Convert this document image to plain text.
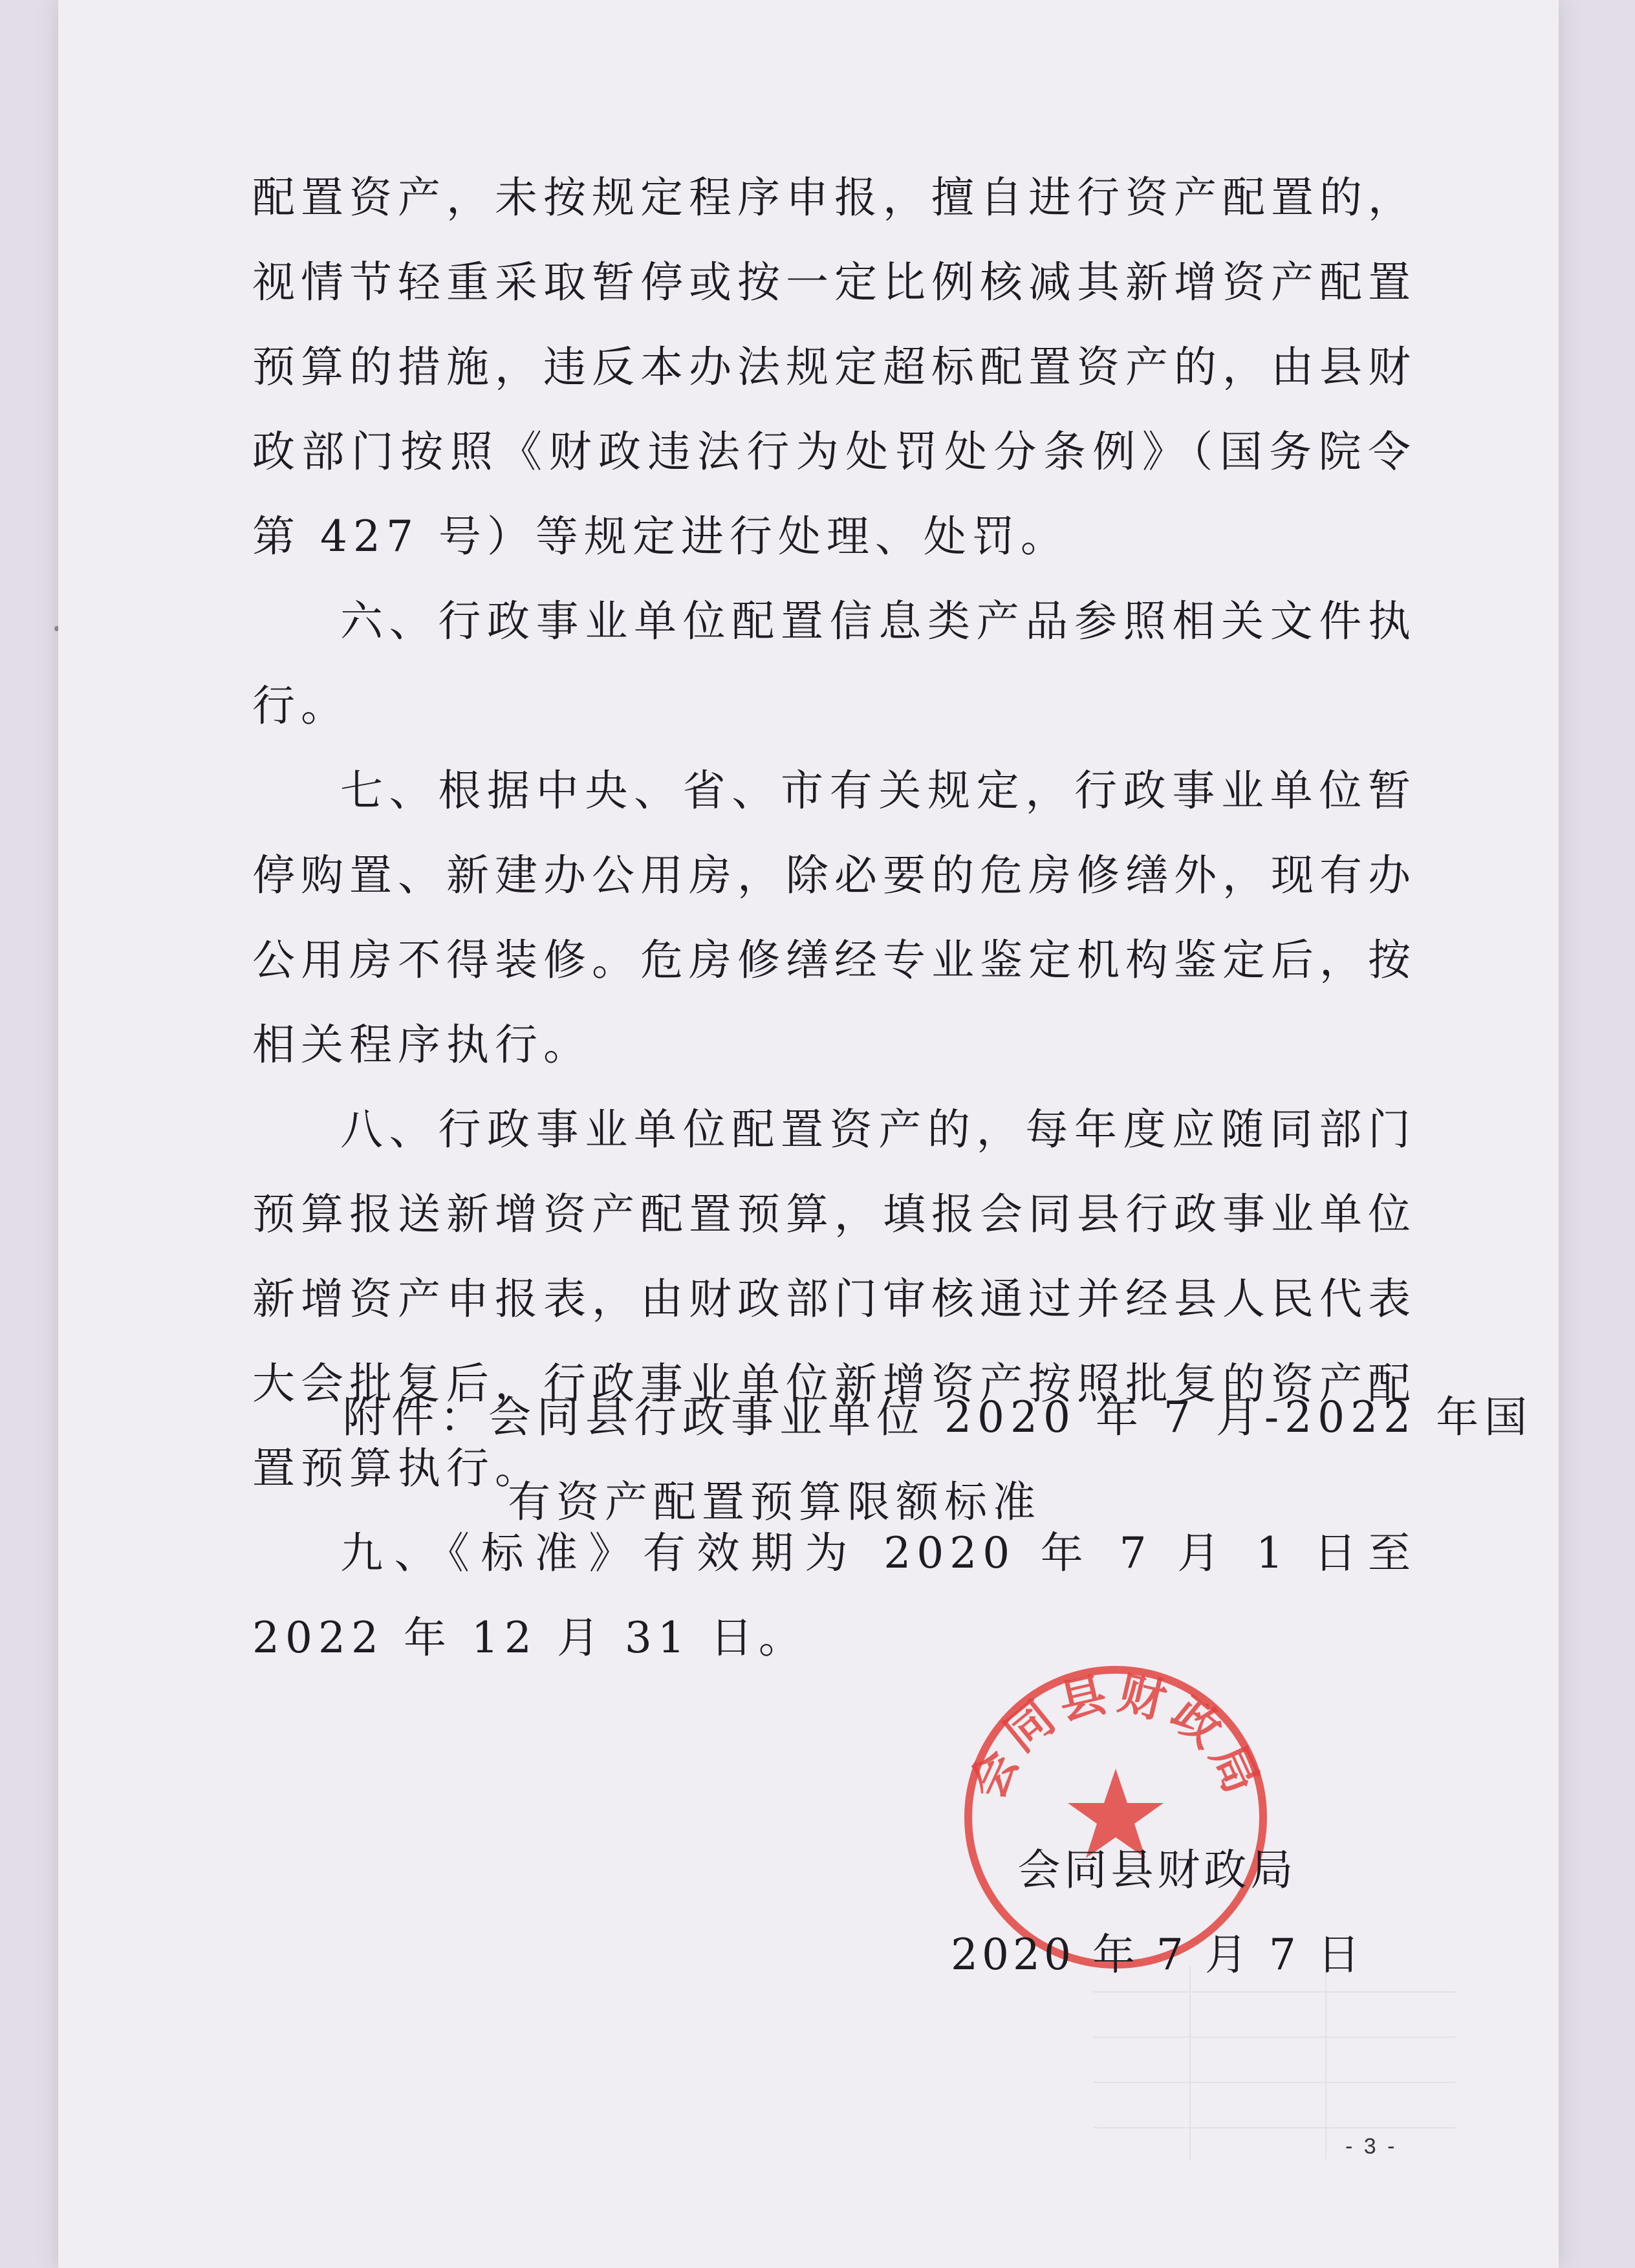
配置资产，未按规定程序申报，擅自进行资产配置的，视情节轻重采取暂停或按一定比例核减其新增资产配置预算的措施，违反本办法规定超标配置资产的，由县财政部门按照《财政违法行为处罚处分条例》（国务院令第 427 号）等规定进行处理、处罚。

六、行政事业单位配置信息类产品参照相关文件执行。

七、根据中央、省、市有关规定，行政事业单位暂停购置、新建办公用房，除必要的危房修缮外，现有办公用房不得装修。危房修缮经专业鉴定机构鉴定后，按相关程序执行。

八、行政事业单位配置资产的，每年度应随同部门预算报送新增资产配置预算，填报会同县行政事业单位新增资产申报表，由财政部门审核通过并经县人民代表大会批复后，行政事业单位新增资产按照批复的资产配置预算执行。

九、《标准》有效期为 2020 年 7 月 1 日至 2022 年 12 月 31 日。

附件：会同县行政事业单位 2020 年 7 月-2022 年国有资产配置预算限额标准
会同县财政局
会同县财政局
2020 年 7 月 7 日
- 3 -
